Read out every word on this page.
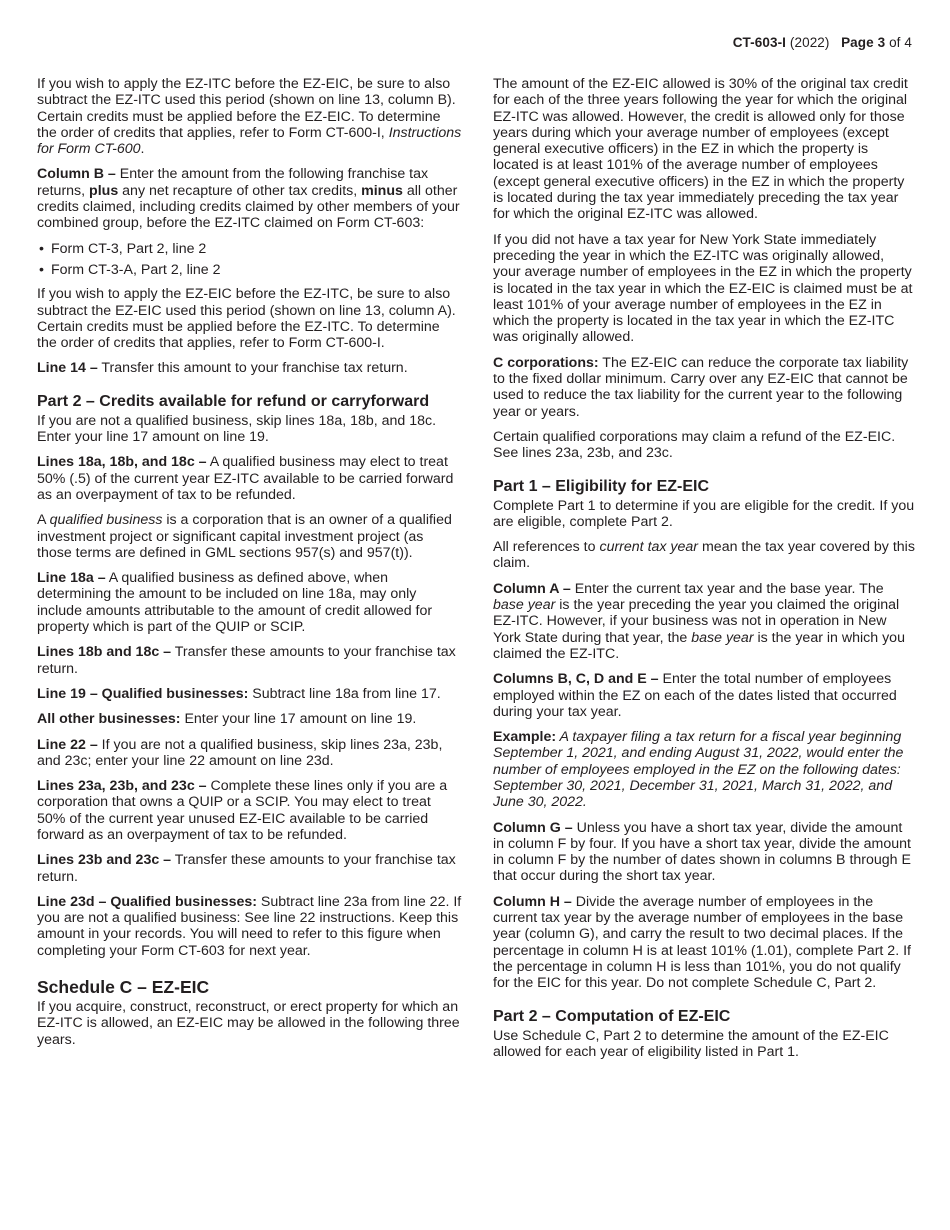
CT-603-I (2022) Page 3 of 4

If you wish to apply the EZ-ITC before the EZ-EIC, be sure to also subtract the EZ-ITC used this period (shown on line 13, column B). Certain credits must be applied before the EZ-EIC. To determine the order of credits that applies, refer to Form CT-600-I, Instructions for Form CT-600.

Column B – Enter the amount from the following franchise tax returns, plus any net recapture of other tax credits, minus all other credits claimed, including credits claimed by other members of your combined group, before the EZ-ITC claimed on Form CT-603:

• Form CT-3, Part 2, line 2
• Form CT-3-A, Part 2, line 2

If you wish to apply the EZ-EIC before the EZ-ITC, be sure to also subtract the EZ-EIC used this period (shown on line 13, column A). Certain credits must be applied before the EZ-ITC. To determine the order of credits that applies, refer to Form CT-600-I.

Line 14 – Transfer this amount to your franchise tax return.

Part 2 – Credits available for refund or carryforward

If you are not a qualified business, skip lines 18a, 18b, and 18c. Enter your line 17 amount on line 19.

Lines 18a, 18b, and 18c – A qualified business may elect to treat 50% (.5) of the current year EZ-ITC available to be carried forward as an overpayment of tax to be refunded.

A qualified business is a corporation that is an owner of a qualified investment project or significant capital investment project (as those terms are defined in GML sections 957(s) and 957(t)).

Line 18a – A qualified business as defined above, when determining the amount to be included on line 18a, may only include amounts attributable to the amount of credit allowed for property which is part of the QUIP or SCIP.

Lines 18b and 18c – Transfer these amounts to your franchise tax return.

Line 19 – Qualified businesses: Subtract line 18a from line 17.

All other businesses: Enter your line 17 amount on line 19.

Line 22 – If you are not a qualified business, skip lines 23a, 23b, and 23c; enter your line 22 amount on line 23d.

Lines 23a, 23b, and 23c – Complete these lines only if you are a corporation that owns a QUIP or a SCIP. You may elect to treat 50% of the current year unused EZ-EIC available to be carried forward as an overpayment of tax to be refunded.

Lines 23b and 23c – Transfer these amounts to your franchise tax return.

Line 23d – Qualified businesses: Subtract line 23a from line 22. If you are not a qualified business: See line 22 instructions. Keep this amount in your records. You will need to refer to this figure when completing your Form CT-603 for next year.

Schedule C – EZ-EIC

If you acquire, construct, reconstruct, or erect property for which an EZ-ITC is allowed, an EZ-EIC may be allowed in the following three years.

The amount of the EZ-EIC allowed is 30% of the original tax credit for each of the three years following the year for which the original EZ-ITC was allowed. However, the credit is allowed only for those years during which your average number of employees (except general executive officers) in the EZ in which the property is located is at least 101% of the average number of employees (except general executive officers) in the EZ in which the property is located during the tax year immediately preceding the tax year for which the original EZ-ITC was allowed.

If you did not have a tax year for New York State immediately preceding the year in which the EZ-ITC was originally allowed, your average number of employees in the EZ in which the property is located in the tax year in which the EZ-EIC is claimed must be at least 101% of your average number of employees in the EZ in which the property is located in the tax year in which the EZ-ITC was originally allowed.

C corporations: The EZ-EIC can reduce the corporate tax liability to the fixed dollar minimum. Carry over any EZ-EIC that cannot be used to reduce the tax liability for the current year to the following year or years.

Certain qualified corporations may claim a refund of the EZ-EIC. See lines 23a, 23b, and 23c.

Part 1 – Eligibility for EZ-EIC

Complete Part 1 to determine if you are eligible for the credit. If you are eligible, complete Part 2.

All references to current tax year mean the tax year covered by this claim.

Column A – Enter the current tax year and the base year. The base year is the year preceding the year you claimed the original EZ-ITC. However, if your business was not in operation in New York State during that year, the base year is the year in which you claimed the EZ-ITC.

Columns B, C, D and E – Enter the total number of employees employed within the EZ on each of the dates listed that occurred during your tax year.

Example: A taxpayer filing a tax return for a fiscal year beginning September 1, 2021, and ending August 31, 2022, would enter the number of employees employed in the EZ on the following dates: September 30, 2021, December 31, 2021, March 31, 2022, and June 30, 2022.

Column G – Unless you have a short tax year, divide the amount in column F by four. If you have a short tax year, divide the amount in column F by the number of dates shown in columns B through E that occur during the short tax year.

Column H – Divide the average number of employees in the current tax year by the average number of employees in the base year (column G), and carry the result to two decimal places. If the percentage in column H is at least 101% (1.01), complete Part 2. If the percentage in column H is less than 101%, you do not qualify for the EIC for this year. Do not complete Schedule C, Part 2.

Part 2 – Computation of EZ-EIC

Use Schedule C, Part 2 to determine the amount of the EZ-EIC allowed for each year of eligibility listed in Part 1.
